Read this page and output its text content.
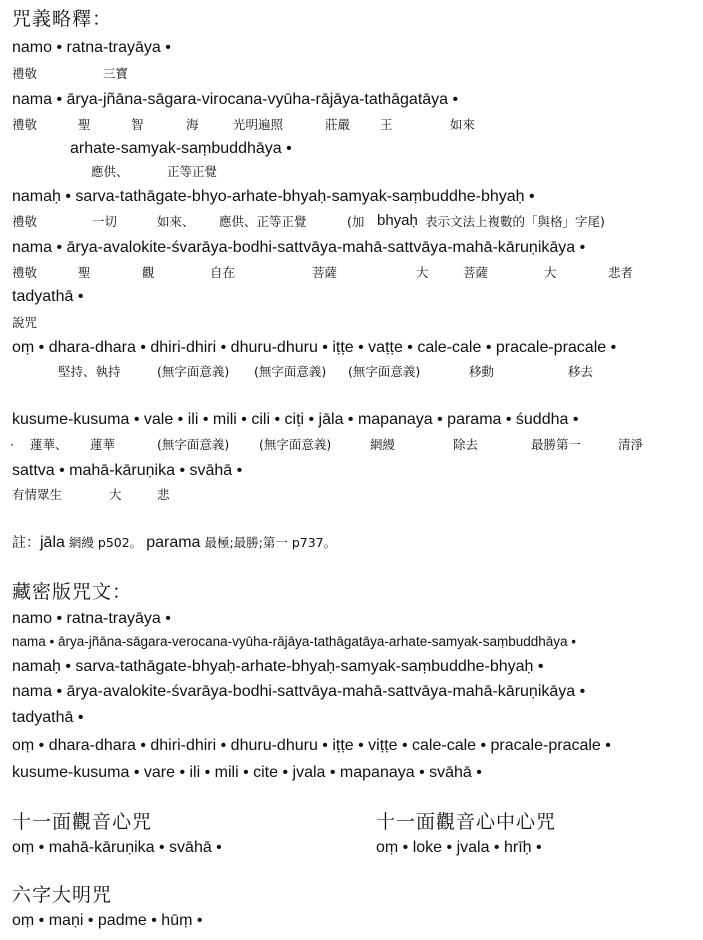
咒義略釋：
namo • ratna-trayāya •
禮敬	三寶
nama • ārya-jñāna-sāgara-virocana-vyūha-rājāya-tathāgatāya •
禮敬	聖	智	海	光明遍照	莊嚴 王	如來
arhate-samyak-saṃbuddhāya •
應供、	正等正覺
namaḥ • sarva-tathāgate-bhyo-arhate-bhyaḥ-samyak-saṃbuddhe-bhyaḥ •
禮敬	一切	如來、 應供、正等正覺	(加 bhyaḥ 表示文法上複數的「與格」字尾)
nama • ārya-avalokite-śvarāya-bodhi-sattvāya-mahā-sattvāya-mahā-kāruṇikāya •
禮敬	聖	觀	自在	菩薩	大	菩薩	大	悲者
tadyathā •
說咒
oṃ • dhara-dhara • dhiri-dhiri • dhuru-dhuru • iṭṭe • vaṭṭe • cale-cale • pracale-pracale •
堅持、執持	(無字面意義) (無字面意義) (無字面意義)	移動	移去
kusume-kusuma • vale • ili • mili • cili • ciṭi • jāla • mapanaya • parama • śuddha •
· 蓮華、 蓮華	(無字面意義) (無字面意義)	網縵	除去	最勝第一	清淨
sattva • mahā-kāruṇika • svāhā •
有情眾生	大	悲
註：jāla 網縵 p502。 parama 最極;最勝;第一 p737。
藏密版咒文：
namo • ratna-trayāya •
nama • ārya-jñāna-sāgara-verocana-vyūha-rājāya-tathāgatāya-arhate-samyak-saṃbuddhāya •
namaḥ • sarva-tathāgate-bhyaḥ-arhate-bhyaḥ-samyak-saṃbuddhe-bhyaḥ •
nama • ārya-avalokite-śvarāya-bodhi-sattvāya-mahā-sattvāya-mahā-kāruṇikāya •
tadyathā •
oṃ • dhara-dhara • dhiri-dhiri • dhuru-dhuru • iṭṭe • viṭṭe • cale-cale • pracale-pracale •
kusume-kusuma • vare • ili • mili • cite • jvala • mapanaya • svāhā •
十一面觀音心咒
oṃ • mahā-kāruṇika • svāhā •
十一面觀音心中心咒
oṃ • loke • jvala • hrīḥ •
六字大明咒
oṃ • maṇi • padme • hūṃ •
